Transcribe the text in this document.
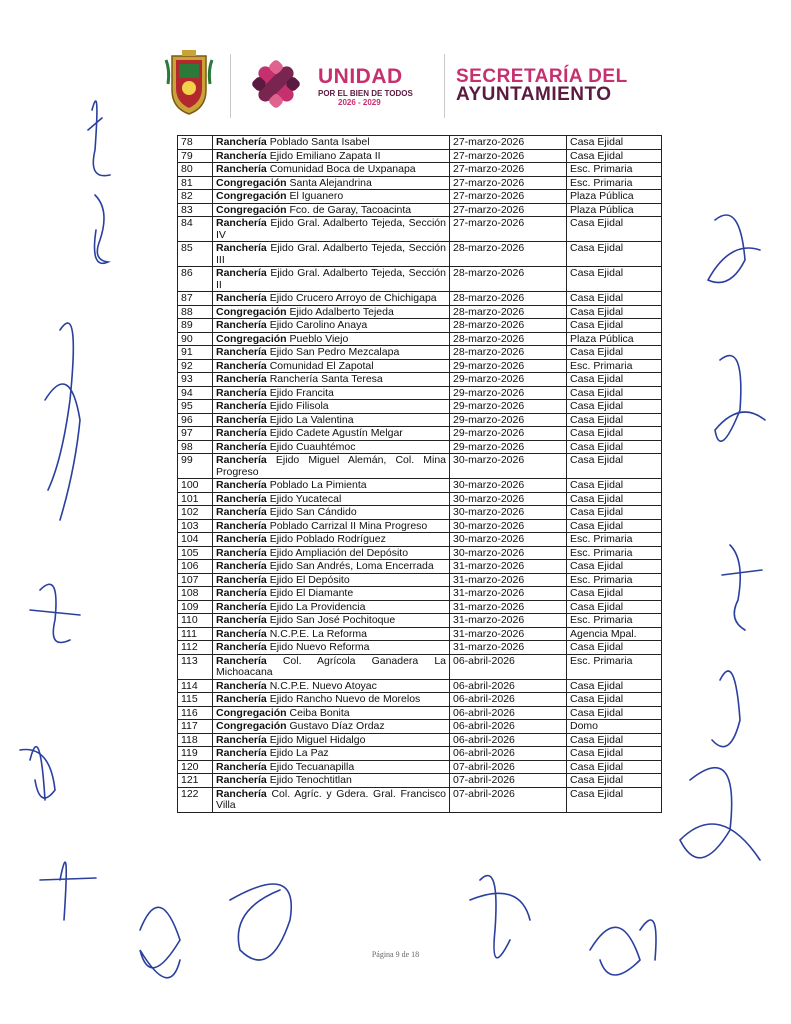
UNIDAD
POR EL BIEN DE TODOS
2026 - 2029
SECRETARÍA DEL
AYUNTAMIENTO
78	Ranchería Poblado Santa Isabel	27-marzo-2026	Casa Ejidal
79	Ranchería Ejido Emiliano Zapata II	27-marzo-2026	Casa Ejidal
80	Ranchería Comunidad Boca de Uxpanapa	27-marzo-2026	Esc. Primaria
81	Congregación Santa Alejandrina	27-marzo-2026	Esc. Primaria
82	Congregación El Iguanero	27-marzo-2026	Plaza Pública
83	Congregación Fco. de Garay, Tacoacinta	27-marzo-2026	Plaza Pública
84	Ranchería Ejido Gral. Adalberto Tejeda, Sección IV	27-marzo-2026	Casa Ejidal
85	Ranchería Ejido Gral. Adalberto Tejeda, Sección III	28-marzo-2026	Casa Ejidal
86	Ranchería Ejido Gral. Adalberto Tejeda, Sección II	28-marzo-2026	Casa Ejidal
87	Ranchería Ejido Crucero Arroyo de Chichigapa	28-marzo-2026	Casa Ejidal
88	Congregación Ejido Adalberto Tejeda	28-marzo-2026	Casa Ejidal
89	Ranchería Ejido Carolino Anaya	28-marzo-2026	Casa Ejidal
90	Congregación Pueblo Viejo	28-marzo-2026	Plaza Pública
91	Ranchería Ejido San Pedro Mezcalapa	28-marzo-2026	Casa Ejidal
92	Ranchería Comunidad El Zapotal	29-marzo-2026	Esc. Primaria
93	Ranchería Ranchería Santa Teresa	29-marzo-2026	Casa Ejidal
94	Ranchería Ejido Francita	29-marzo-2026	Casa Ejidal
95	Ranchería Ejido Filisola	29-marzo-2026	Casa Ejidal
96	Ranchería Ejido La Valentina	29-marzo-2026	Casa Ejidal
97	Ranchería Ejido Cadete Agustín Melgar	29-marzo-2026	Casa Ejidal
98	Ranchería Ejido Cuauhtémoc	29-marzo-2026	Casa Ejidal
99	Ranchería Ejido Miguel Alemán, Col. Mina Progreso	30-marzo-2026	Casa Ejidal
100	Ranchería Poblado La Pimienta	30-marzo-2026	Casa Ejidal
101	Ranchería Ejido Yucatecal	30-marzo-2026	Casa Ejidal
102	Ranchería Ejido San Cándido	30-marzo-2026	Casa Ejidal
103	Ranchería Poblado Carrizal II Mina Progreso	30-marzo-2026	Casa Ejidal
104	Ranchería Ejido Poblado Rodríguez	30-marzo-2026	Esc. Primaria
105	Ranchería Ejido Ampliación del Depósito	30-marzo-2026	Esc. Primaria
106	Ranchería Ejido San Andrés, Loma Encerrada	31-marzo-2026	Casa Ejidal
107	Ranchería Ejido El Depósito	31-marzo-2026	Esc. Primaria
108	Ranchería Ejido El Diamante	31-marzo-2026	Casa Ejidal
109	Ranchería Ejido La Providencia	31-marzo-2026	Casa Ejidal
110	Ranchería Ejido San José Pochitoque	31-marzo-2026	Esc. Primaria
111	Ranchería N.C.P.E. La Reforma	31-marzo-2026	Agencia Mpal.
112	Ranchería Ejido Nuevo Reforma	31-marzo-2026	Casa Ejidal
113	Ranchería Col. Agrícola Ganadera La Michoacana	06-abril-2026	Esc. Primaria
114	Ranchería N.C.P.E. Nuevo Atoyac	06-abril-2026	Casa Ejidal
115	Ranchería Ejido Rancho Nuevo de Morelos	06-abril-2026	Casa Ejidal
116	Congregación Ceiba Bonita	06-abril-2026	Casa Ejidal
117	Congregación Gustavo Díaz Ordaz	06-abril-2026	Domo
118	Ranchería Ejido Miguel Hidalgo	06-abril-2026	Casa Ejidal
119	Ranchería Ejido La Paz	06-abril-2026	Casa Ejidal
120	Ranchería Ejido Tecuanapilla	07-abril-2026	Casa Ejidal
121	Ranchería Ejido Tenochtitlan	07-abril-2026	Casa Ejidal
122	Ranchería Col. Agríc. y Gdera. Gral. Francisco Villa	07-abril-2026	Casa Ejidal
Página 9 de 18
